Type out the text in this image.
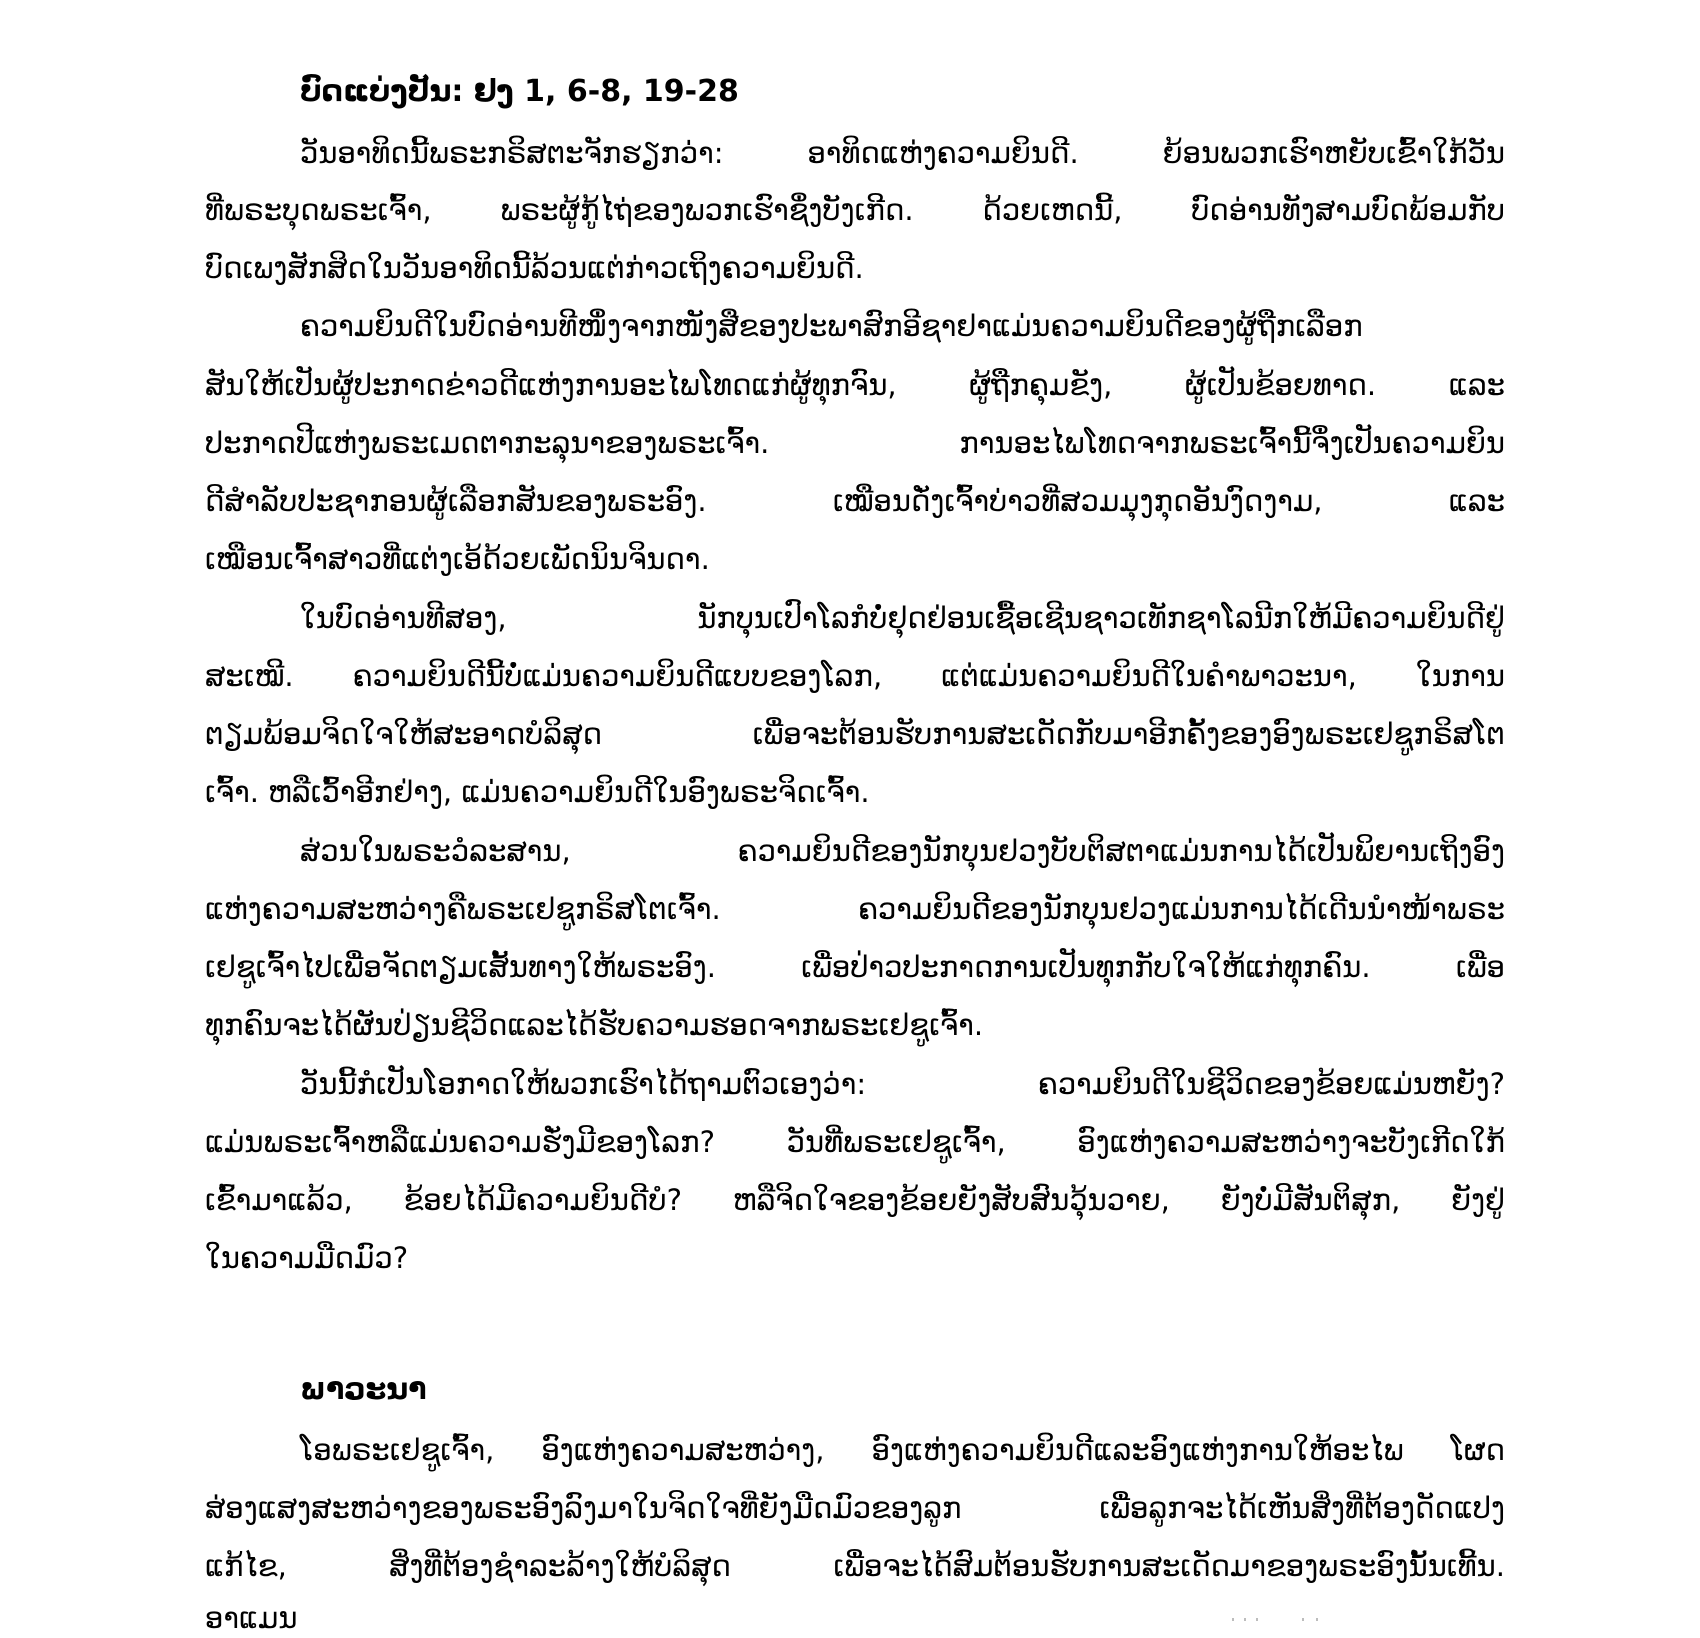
ບົດແບ່ງປັນ: ຢງ 1, 6-8, 19-28
ວັນອາທິດນີ້ພຣະກຣິສຕະຈັກຮຽກວ່າ: ອາທິດແຫ່ງຄວາມຍິນດີ. ຍ້ອນພວກເຮົາຫຍັບເຂົ້າໃກ້ວັນ
ທີ່ພຣະບຸດພຣະເຈົ້າ, ພຣະຜູ້ກູ້ໄຖ່ຂອງພວກເຮົາຊຶ່ງບັງເກີດ. ດ້ວຍເຫດນີ້, ບົດອ່ານທັງສາມບົດພ້ອມກັບ
ບົດເພງສັກສິດໃນວັນອາທິດນີ້ລ້ວນແຕ່ກ່າວເຖິງຄວາມຍິນດີ.
ຄວາມຍິນດີໃນບົດອ່ານທີໜຶ່ງຈາກໜັງສືຂອງປະພາສົກອີຊາຢາແມ່ນຄວາມຍິນດີຂອງຜູ້ຖືກເລືອກ
ສັນໃຫ້ເປັນຜູ້ປະກາດຂ່າວດີແຫ່ງການອະໄພໂທດແກ່ຜູ້ທຸກຈົນ, ຜູ້ຖືກຄຸມຂັງ, ຜູ້ເປັນຂ້ອຍທາດ. ແລະ
ປະກາດປີແຫ່ງພຣະເມດຕາກະລຸນາຂອງພຣະເຈົ້າ. ການອະໄພໂທດຈາກພຣະເຈົ້ານີ້ຈຶ່ງເປັນຄວາມຍິນ
ດີສຳລັບປະຊາກອນຜູ້ເລືອກສັນຂອງພຣະອົງ. ເໝືອນດັ່ງເຈົ້າບ່າວທີ່ສວມມຸງກຸດອັນງົດງາມ, ແລະ
ເໝືອນເຈົ້າສາວທີ່ແຕ່ງເອ້ດ້ວຍເພັດນິນຈິນດາ.
ໃນບົດອ່ານທີສອງ, ນັກບຸນເປົາໂລກໍບໍ່ຢຸດຢ່ອນເຊື້ອເຊີນຊາວເທັກຊາໂລນີກໃຫ້ມີຄວາມຍິນດີຢູ່
ສະເໝີ. ຄວາມຍິນດີນີ້ບໍ່ແມ່ນຄວາມຍິນດີແບບຂອງໂລກ, ແຕ່ແມ່ນຄວາມຍິນດີໃນຄຳພາວະນາ, ໃນການ
ຕຽມພ້ອມຈິດໃຈໃຫ້ສະອາດບໍລິສຸດ ເພື່ອຈະຕ້ອນຮັບການສະເດັດກັບມາອີກຄັ້ງຂອງອົງພຣະເຢຊູກຣິສໂຕ
ເຈົ້າ. ຫລືເວົ້າອີກຢ່າງ, ແມ່ນຄວາມຍິນດີໃນອົງພຣະຈິດເຈົ້າ.
ສ່ວນໃນພຣະວໍລະສານ, ຄວາມຍິນດີຂອງນັກບຸນຢວງບັບຕິສຕາແມ່ນການໄດ້ເປັນພິຍານເຖິງອົງ
ແຫ່ງຄວາມສະຫວ່າງຄືພຣະເຢຊູກຣິສໂຕເຈົ້າ. ຄວາມຍິນດີຂອງນັກບຸນຢວງແມ່ນການໄດ້ເດີນນຳໜ້າພຣະ
ເຢຊູເຈົ້າໄປເພື່ອຈັດຕຽມເສັ້ນທາງໃຫ້ພຣະອົງ. ເພື່ອປ່າວປະກາດການເປັນທຸກກັບໃຈໃຫ້ແກ່ທຸກຄົນ. ເພື່ອ
ທຸກຄົນຈະໄດ້ຜັນປ່ຽນຊີວິດແລະໄດ້ຮັບຄວາມຮອດຈາກພຣະເຢຊູເຈົ້າ.
ວັນນີ້ກໍເປັນໂອກາດໃຫ້ພວກເຮົາໄດ້ຖາມຕົວເອງວ່າ: ຄວາມຍິນດີໃນຊີວິດຂອງຂ້ອຍແມ່ນຫຍັງ?
ແມ່ນພຣະເຈົ້າຫລືແມ່ນຄວາມຮັ່ງມີຂອງໂລກ? ວັນທີ່ພຣະເຢຊູເຈົ້າ, ອົງແຫ່ງຄວາມສະຫວ່າງຈະບັງເກີດໃກ້
ເຂົ້າມາແລ້ວ, ຂ້ອຍໄດ້ມີຄວາມຍິນດີບໍ? ຫລືຈິດໃຈຂອງຂ້ອຍຍັງສັບສົນວຸ້ນວາຍ, ຍັງບໍ່ມີສັນຕິສຸກ, ຍັງຢູ່
ໃນຄວາມມືດມົວ?
ພາວະນາ
ໂອພຣະເຢຊູເຈົ້າ, ອົງແຫ່ງຄວາມສະຫວ່າງ, ອົງແຫ່ງຄວາມຍິນດີແລະອົງແຫ່ງການໃຫ້ອະໄພ ໂຜດ
ສ່ອງແສງສະຫວ່າງຂອງພຣະອົງລົງມາໃນຈິດໃຈທີ່ຍັງມືດມົວຂອງລູກ ເພື່ອລູກຈະໄດ້ເຫັນສິ່ງທີ່ຕ້ອງດັດແປງ
ແກ້ໄຂ, ສິ່ງທີ່ຕ້ອງຊຳລະລ້າງໃຫ້ບໍລິສຸດ ເພື່ອຈະໄດ້ສົມຕ້ອນຮັບການສະເດັດມາຂອງພຣະອົງນັ້ນເທີ້ນ.
ອາແມນ
